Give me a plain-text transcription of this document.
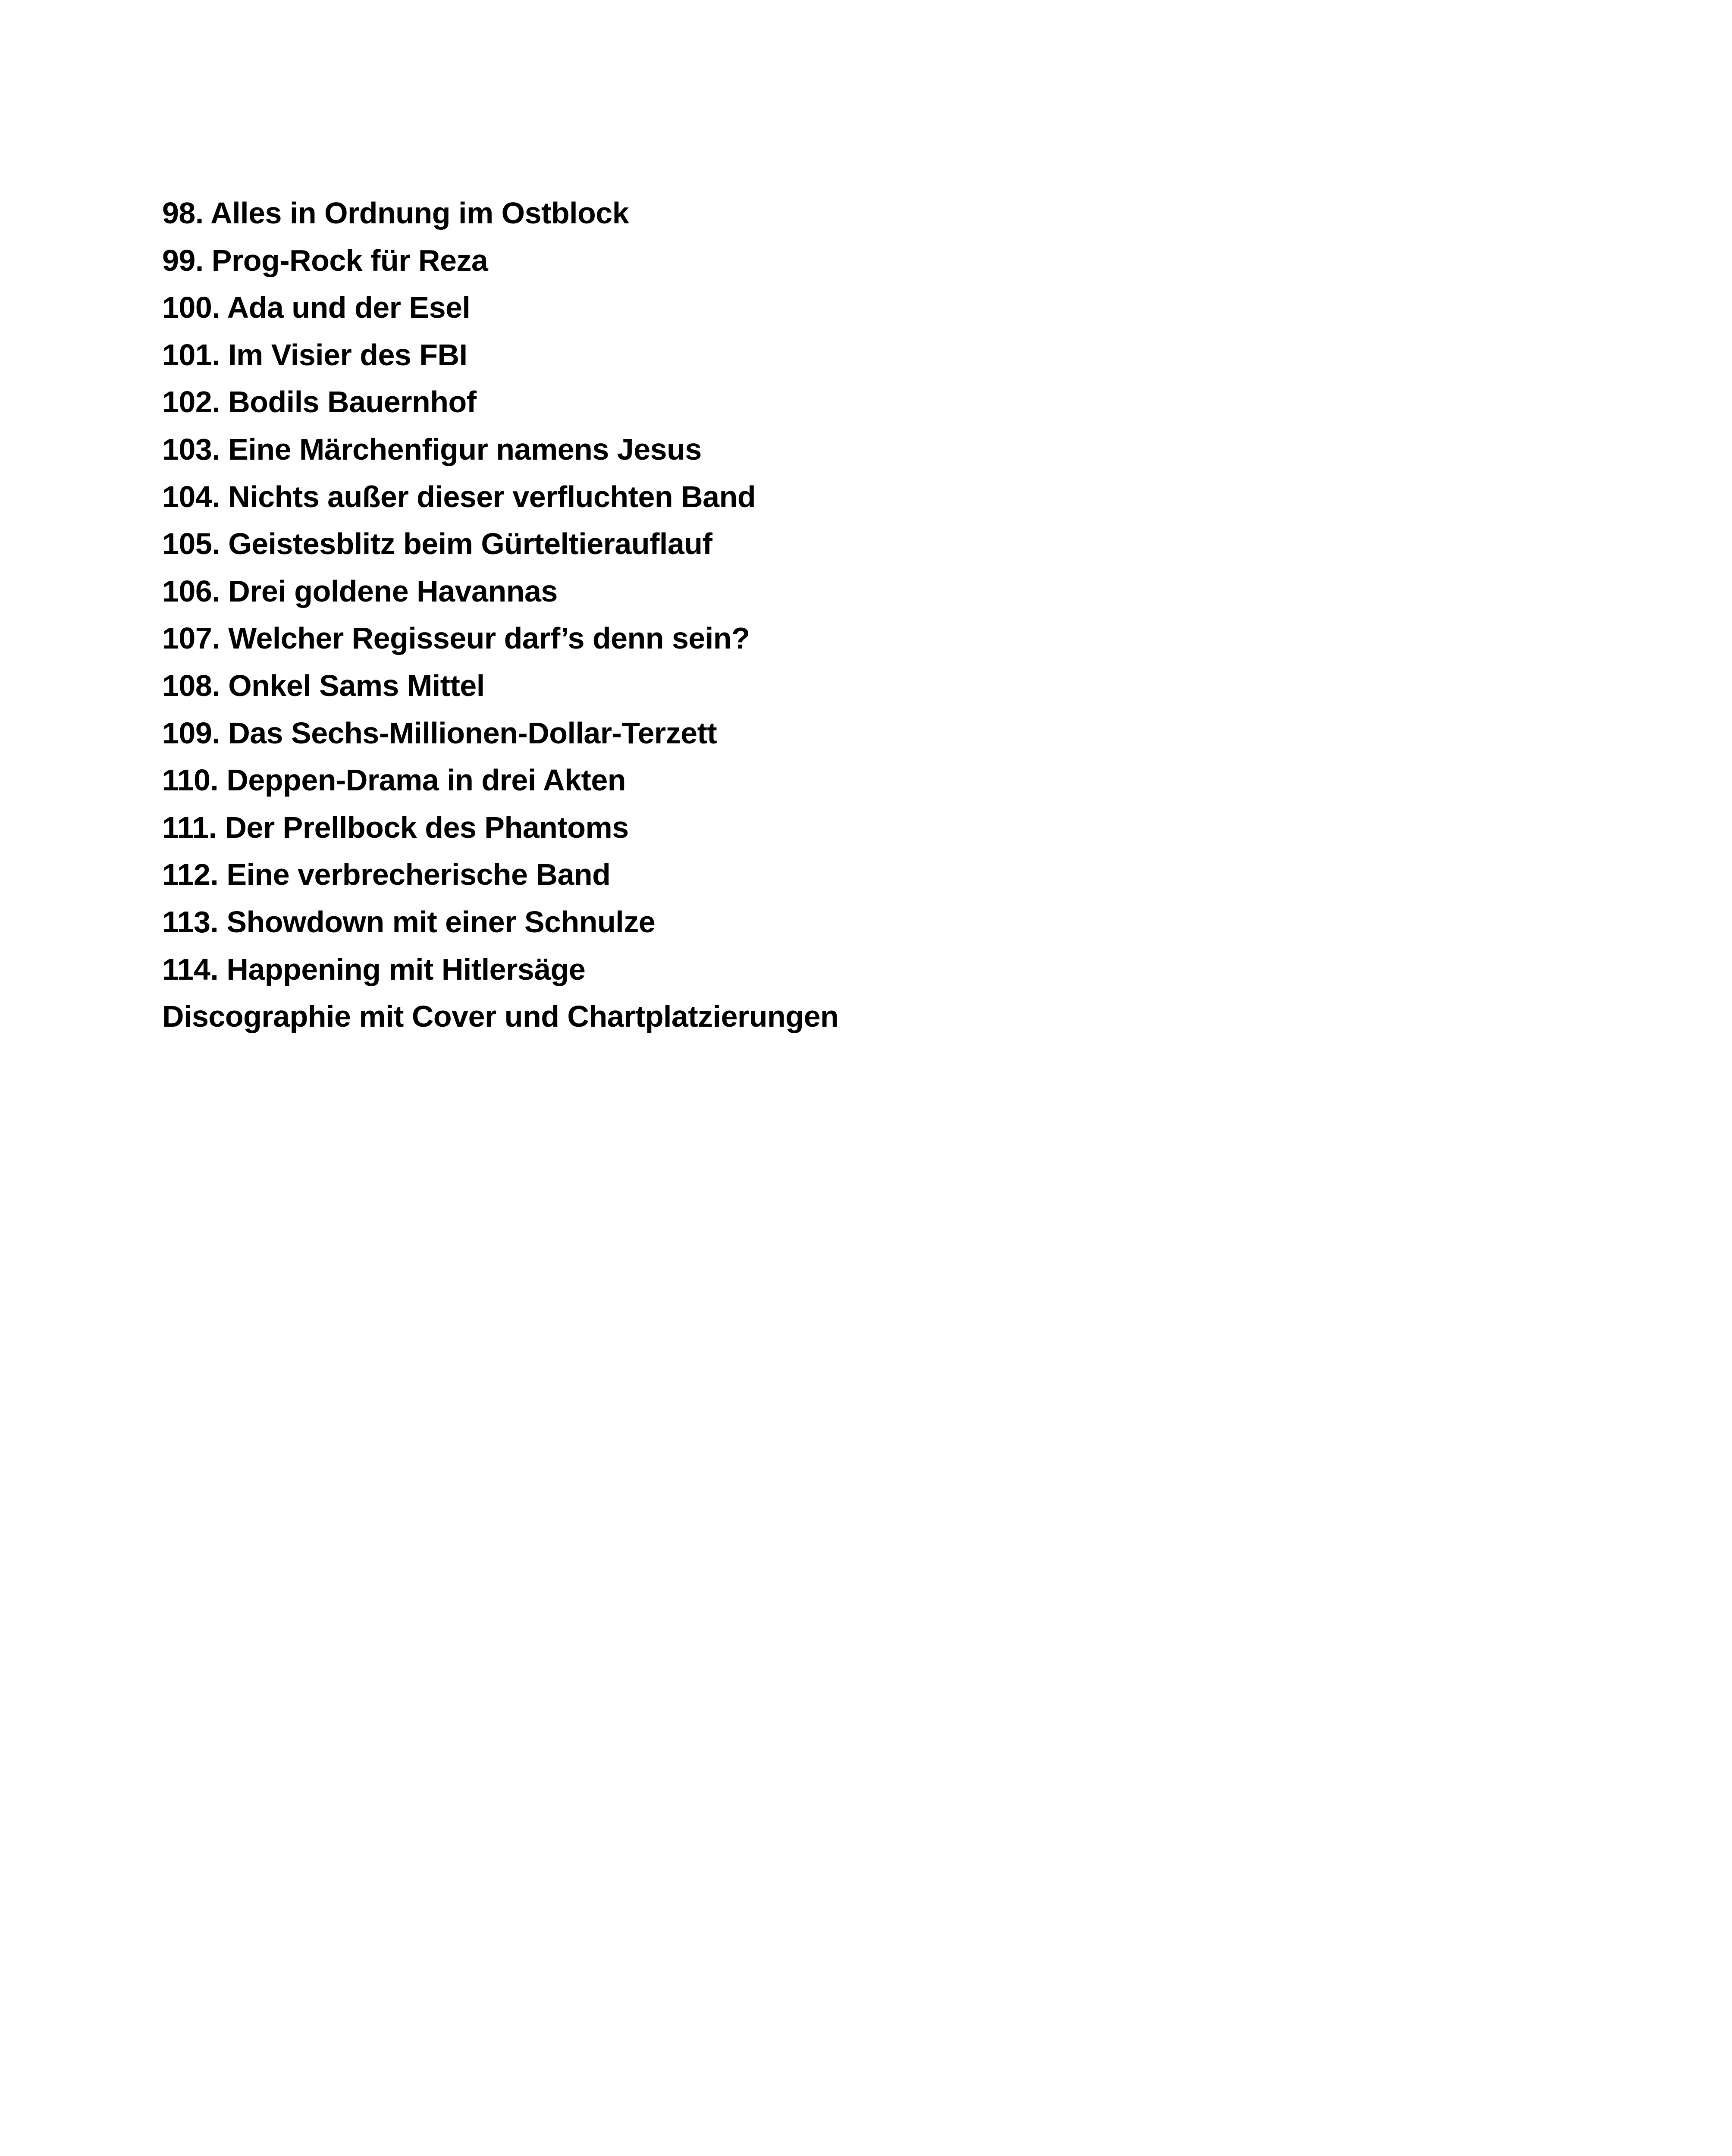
98. Alles in Ordnung im Ostblock
99. Prog-Rock für Reza
100. Ada und der Esel
101. Im Visier des FBI
102. Bodils Bauernhof
103. Eine Märchenfigur namens Jesus
104. Nichts außer dieser verfluchten Band
105. Geistesblitz beim Gürteltierauflauf
106. Drei goldene Havannas
107. Welcher Regisseur darf’s denn sein?
108. Onkel Sams Mittel
109. Das Sechs-Millionen-Dollar-Terzett
110. Deppen-Drama in drei Akten
111. Der Prellbock des Phantoms
112. Eine verbrecherische Band
113. Showdown mit einer Schnulze
114. Happening mit Hitlersäge
Discographie mit Cover und Chartplatzierungen
